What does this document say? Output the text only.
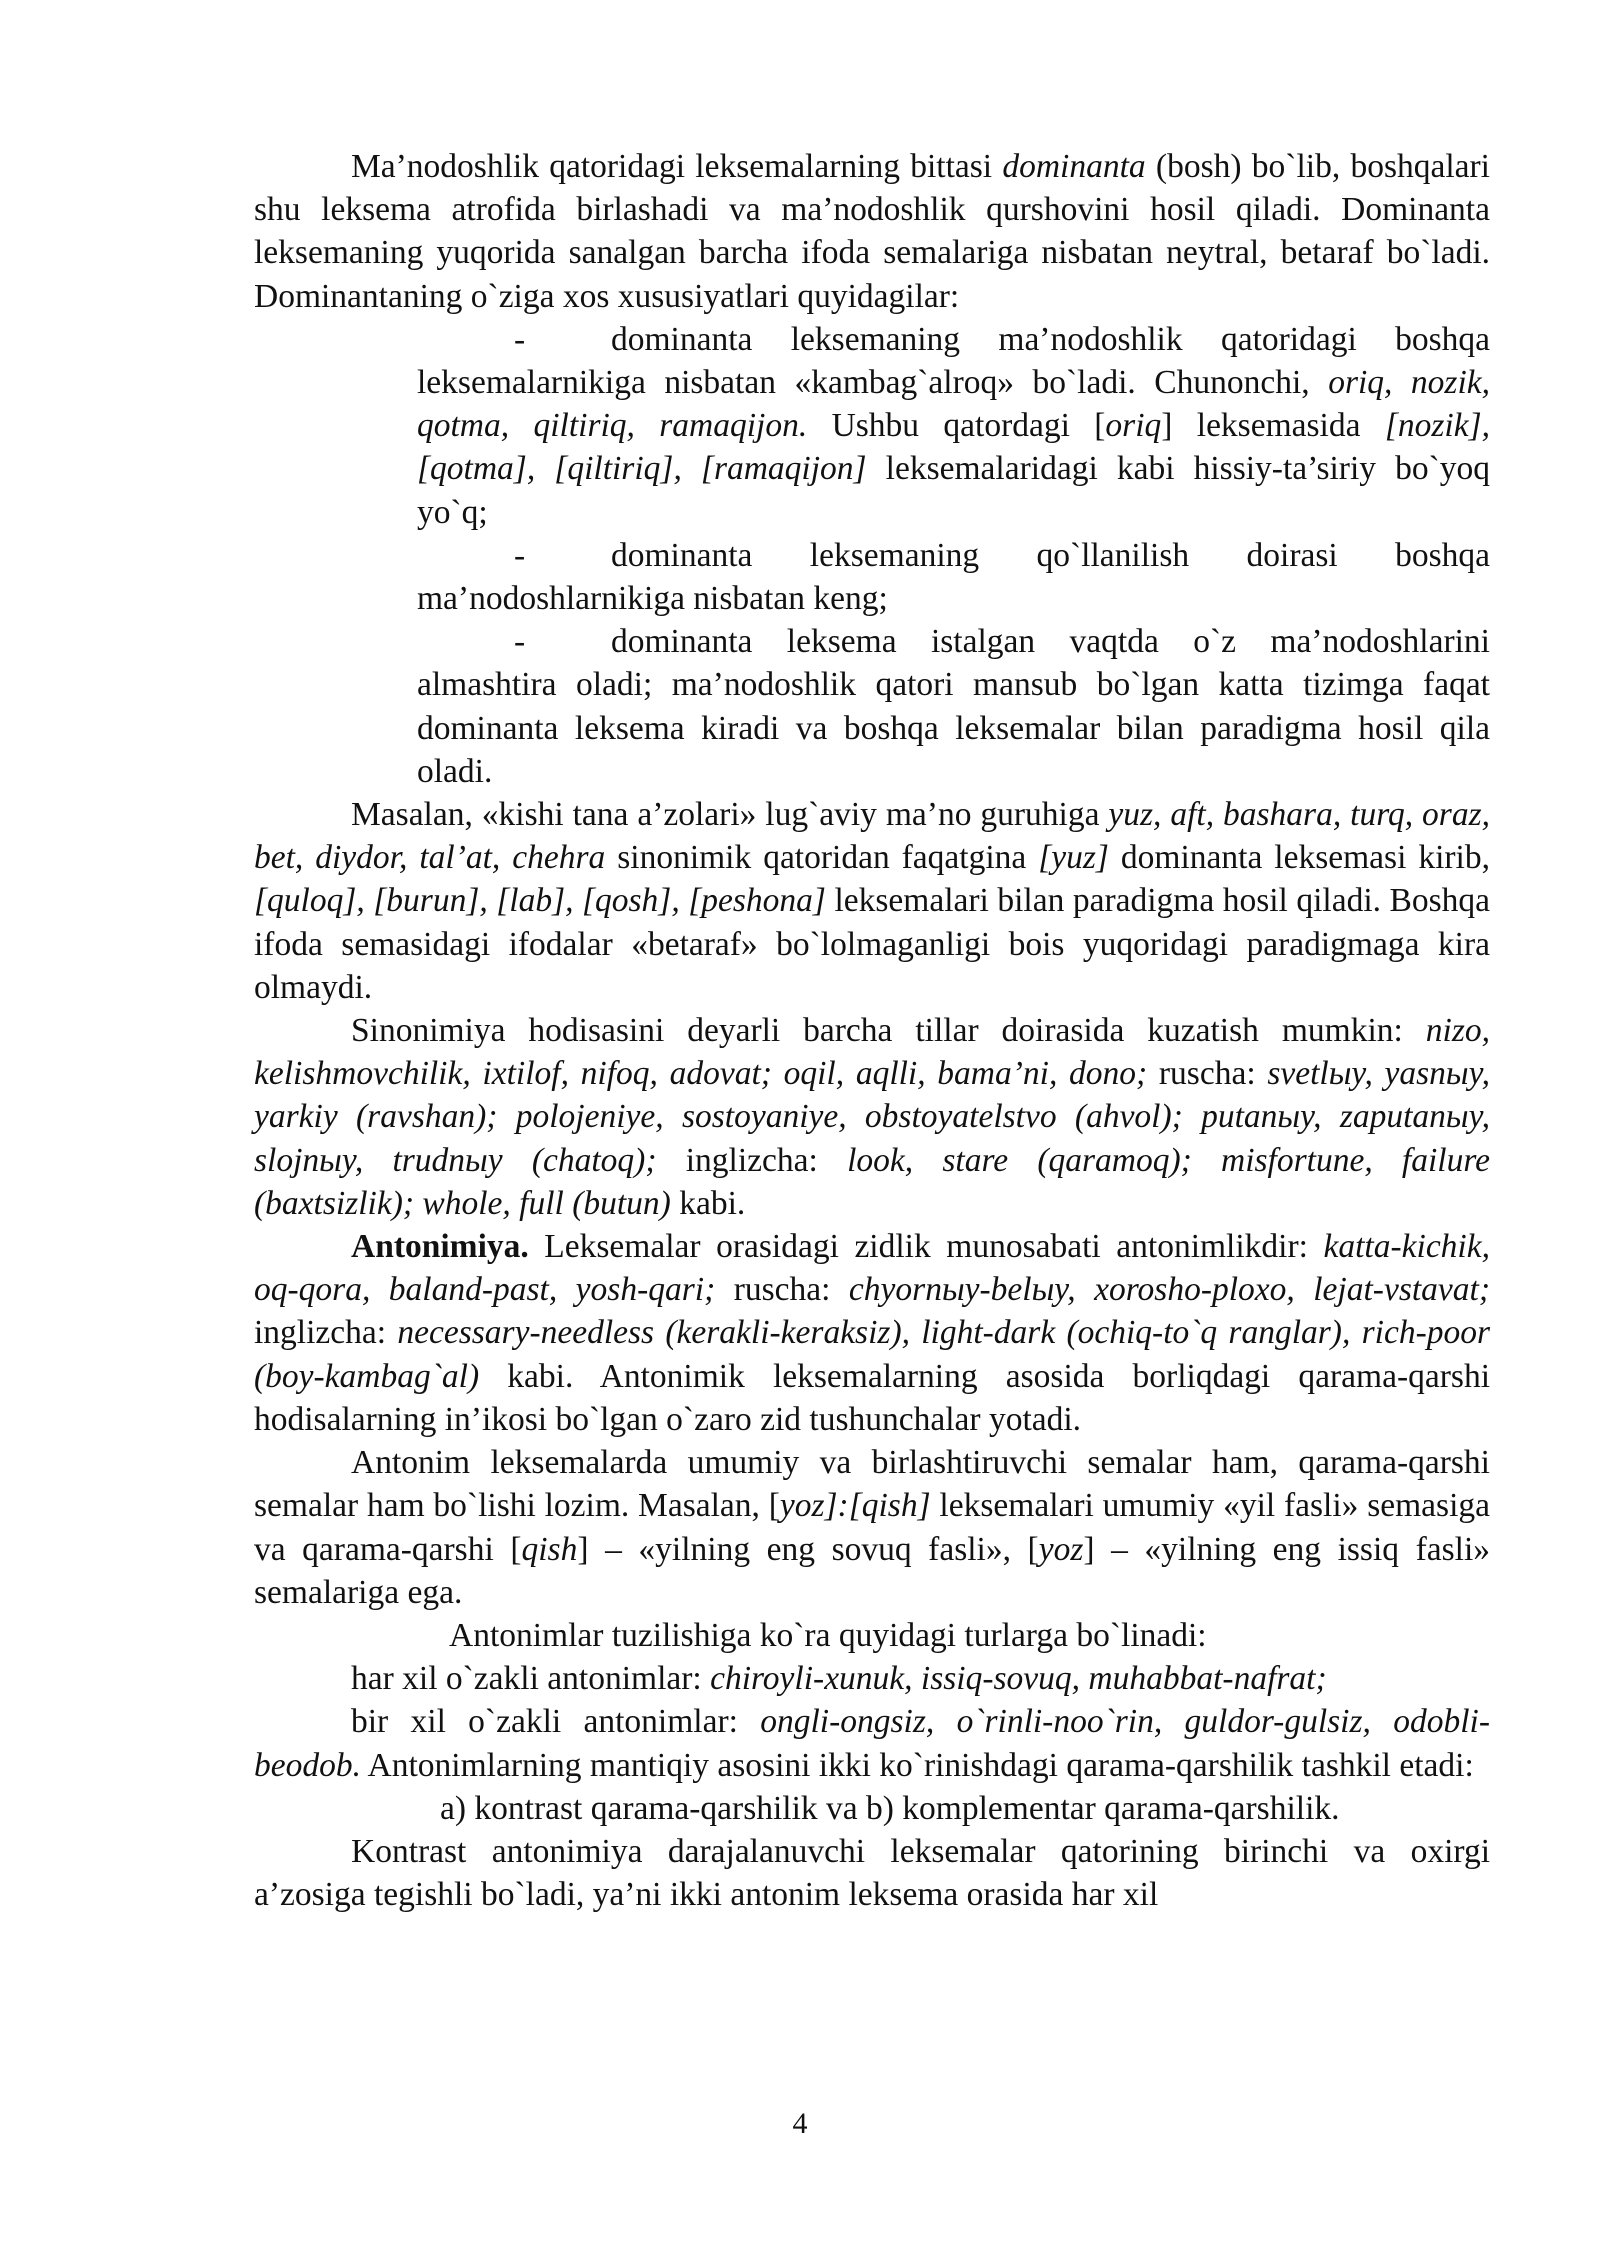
Ma’nodoshlik qatoridagi leksemalarning bittasi dominanta (bosh) bo`lib, boshqalari shu leksema atrofida birlashadi va ma’nodoshlik qurshovini hosil qiladi. Dominanta leksemaning yuqorida sanalgan barcha ifoda semalariga nisbatan neytral, betaraf bo`ladi. Dominantaning o`ziga xos xususiyatlari quyidagilar:

-	dominanta leksemaning ma’nodoshlik qatoridagi boshqa leksemalarnikiga nisbatan «kambag`alroq» bo`ladi. Chunonchi, oriq, nozik, qotma, qiltiriq, ramaqijon. Ushbu qatordagi [oriq] leksemasida [nozik], [qotma], [qiltiriq], [ramaqijon] leksemalaridagi kabi hissiy-ta’siriy bo`yoq yo`q;

-	dominanta leksemaning qo`llanilish doirasi boshqa ma’nodoshlarnikiga nisbatan keng;

-	dominanta leksema istalgan vaqtda o`z ma’nodoshlarini almashtira oladi; ma’nodoshlik qatori mansub bo`lgan katta tizimga faqat dominanta leksema kiradi va boshqa leksemalar bilan paradigma hosil qila oladi.

Masalan, «kishi tana a’zolari» lug`aviy ma’no guruhiga yuz, aft, bashara, turq, oraz, bet, diydor, tal’at, chehra sinonimik qatoridan faqatgina [yuz] dominanta leksemasi kirib, [quloq], [burun], [lab], [qosh], [peshona] leksemalari bilan paradigma hosil qiladi. Boshqa ifoda semasidagi ifodalar «betaraf» bo`lolmaganligi bois yuqoridagi paradigmaga kira olmaydi.

Sinonimiya hodisasini deyarli barcha tillar doirasida kuzatish mumkin: nizo, kelishmovchilik, ixtilof, nifoq, adovat; oqil, aqlli, bama’ni, dono; ruscha: svetlыy, yasnыy, yarkiy (ravshan); polojeniye, sostoyaniye, obstoyatelstvo (ahvol); putanыy, zaputanыy, slojnыy, trudnыy (chatoq); inglizcha: look, stare (qaramoq); misfortune, failure (baxtsizlik); whole, full (butun) kabi.

Antonimiya. Leksemalar orasidagi zidlik munosabati antonimlikdir: katta-kichik, oq-qora, baland-past, yosh-qari; ruscha: chyornыy-belыy, xorosho-ploxo, lejat-vstavat; inglizcha: necessary-needless (kerakli-keraksiz), light-dark (ochiq-to`q ranglar), rich-poor (boy-kambag`al) kabi. Antonimik leksemalarning asosida borliqdagi qarama-qarshi hodisalarning in’ikosi bo`lgan o`zaro zid tushunchalar yotadi.

Antonim leksemalarda umumiy va birlashtiruvchi semalar ham, qarama-qarshi semalar ham bo`lishi lozim. Masalan, [yoz]:[qish] leksemalari umumiy «yil fasli» semasiga va qarama-qarshi [qish] – «yilning eng sovuq fasli», [yoz] – «yilning eng issiq fasli» semalariga ega.

Antonimlar tuzilishiga ko`ra quyidagi turlarga bo`linadi:

har xil o`zakli antonimlar: chiroyli-xunuk, issiq-sovuq, muhabbat-nafrat;

bir xil o`zakli antonimlar: ongli-ongsiz, o`rinli-noo`rin, guldor-gulsiz, odobli-beodob. Antonimlarning mantiqiy asosini ikki ko`rinishdagi qarama-qarshilik tashkil etadi:

a) kontrast qarama-qarshilik va b) komplementar qarama-qarshilik.

Kontrast antonimiya darajalanuvchi leksemalar qatorining birinchi va oxirgi a’zosiga tegishli bo`ladi, ya’ni ikki antonim leksema orasida har xil

4
